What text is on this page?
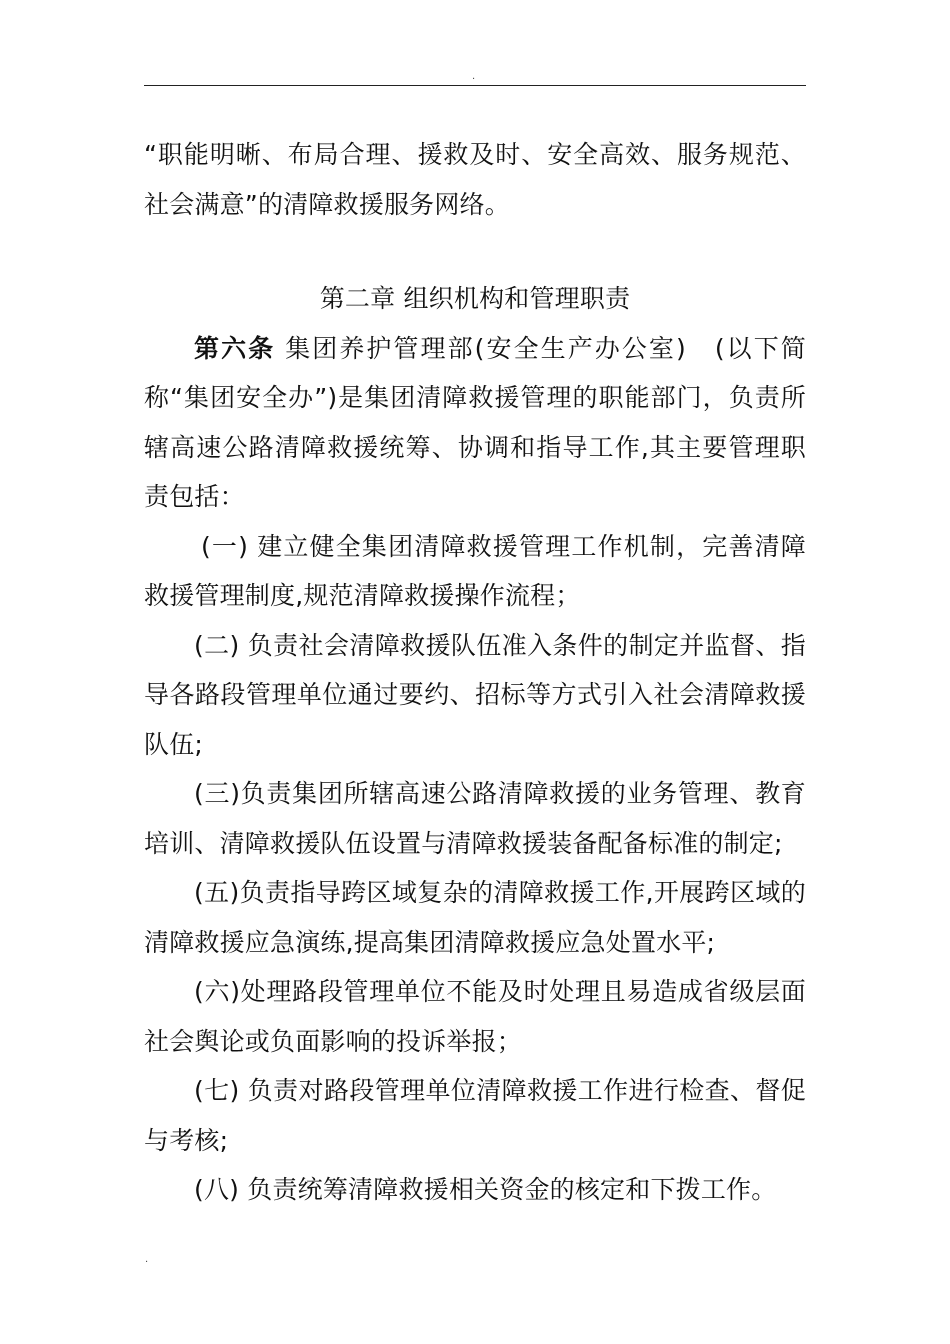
.

“职能明晰、布局合理、援救及时、安全高效、服务规范、社会满意”的清障救援服务网络。

第二章 组织机构和管理职责

第六条 集团养护管理部(安全生产办公室)　(以下简称“集团安全办”)是集团清障救援管理的职能部门，负责所辖高速公路清障救援统筹、协调和指导工作,其主要管理职责包括：

(一) 建立健全集团清障救援管理工作机制，完善清障救援管理制度,规范清障救援操作流程；

(二) 负责社会清障救援队伍准入条件的制定并监督、指导各路段管理单位通过要约、招标等方式引入社会清障救援队伍;

(三)负责集团所辖高速公路清障救援的业务管理、教育培训、清障救援队伍设置与清障救援装备配备标准的制定;

(五)负责指导跨区域复杂的清障救援工作,开展跨区域的清障救援应急演练,提高集团清障救援应急处置水平;

(六)处理路段管理单位不能及时处理且易造成省级层面社会舆论或负面影响的投诉举报；

(七) 负责对路段管理单位清障救援工作进行检查、督促与考核;

(八) 负责统筹清障救援相关资金的核定和下拨工作。

.
